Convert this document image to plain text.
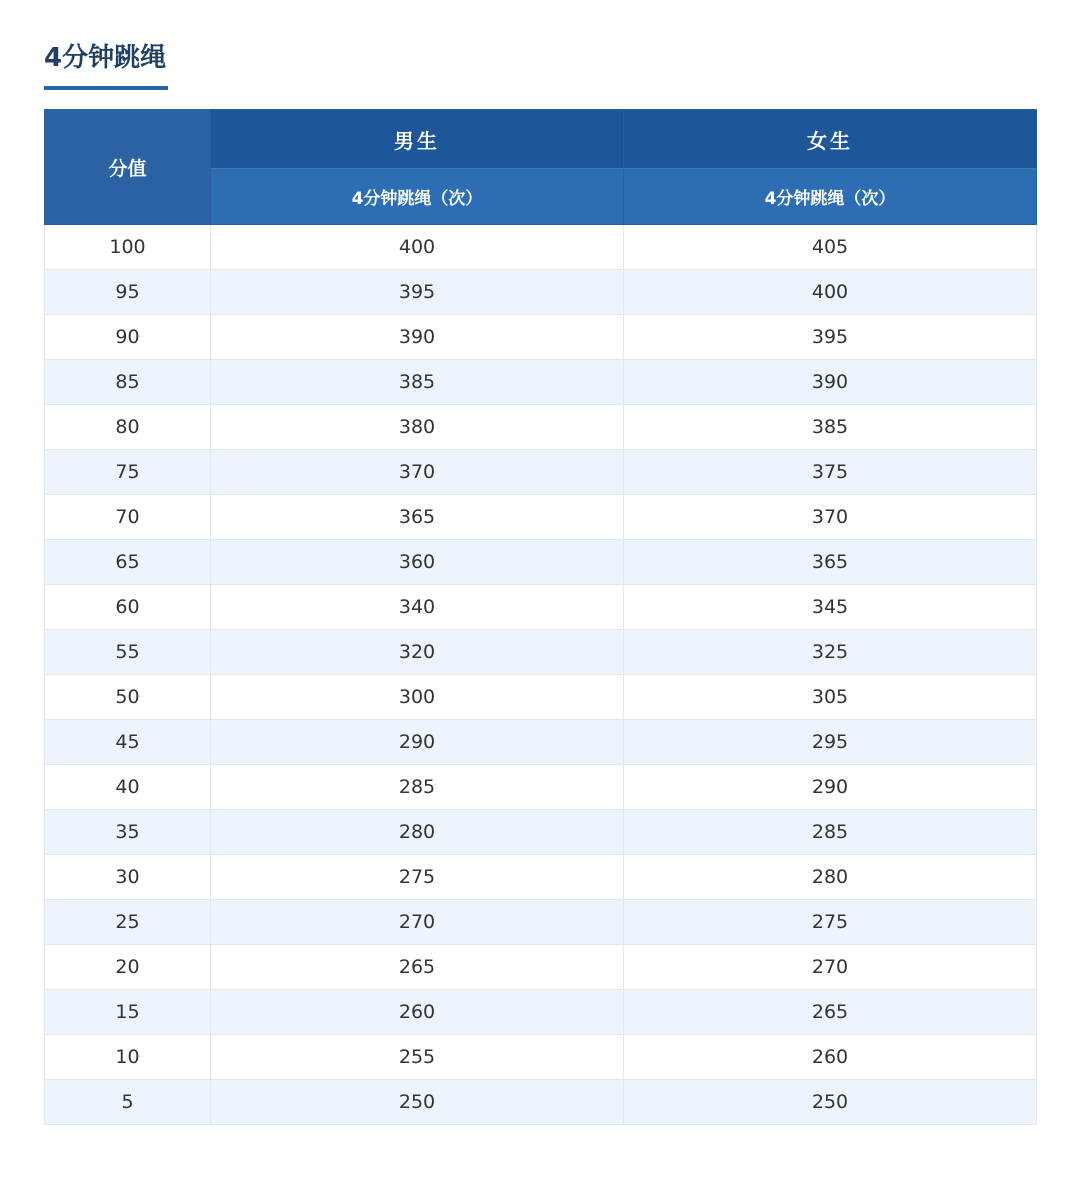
4分钟跳绳
分值	男生	女生
	4分钟跳绳（次）	4分钟跳绳（次）
100	400	405
95	395	400
90	390	395
85	385	390
80	380	385
75	370	375
70	365	370
65	360	365
60	340	345
55	320	325
50	300	305
45	290	295
40	285	290
35	280	285
30	275	280
25	270	275
20	265	270
15	260	265
10	255	260
5	250	250
